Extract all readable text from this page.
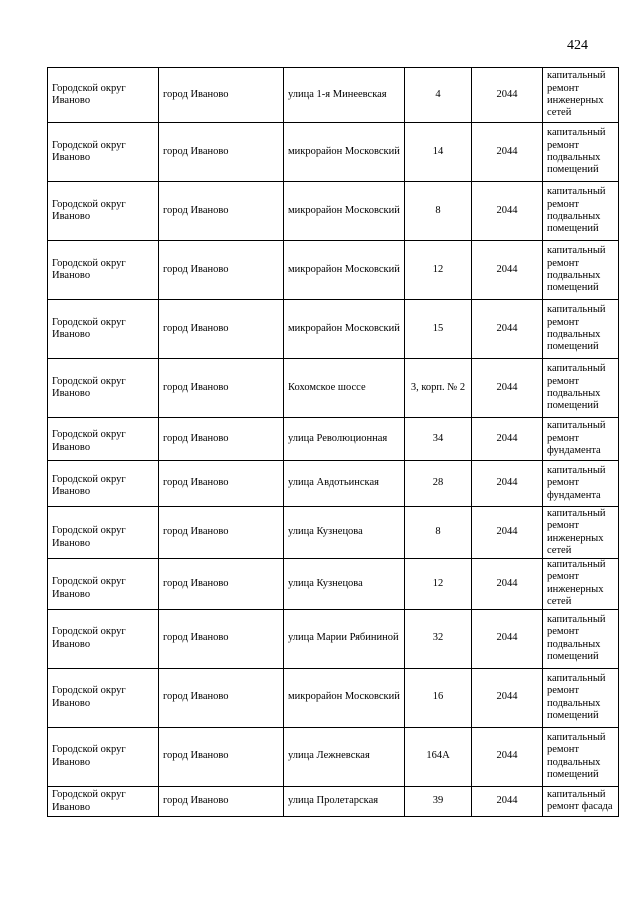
424
Городской округ Иваново	город Иваново	улица 1-я Минеевская	4	2044	капитальный ремонт инженерных сетей
Городской округ Иваново	город Иваново	микрорайон Московский	14	2044	капитальный ремонт подвальных помещений
Городской округ Иваново	город Иваново	микрорайон Московский	8	2044	капитальный ремонт подвальных помещений
Городской округ Иваново	город Иваново	микрорайон Московский	12	2044	капитальный ремонт подвальных помещений
Городской округ Иваново	город Иваново	микрорайон Московский	15	2044	капитальный ремонт подвальных помещений
Городской округ Иваново	город Иваново	Кохомское шоссе	3, корп. № 2	2044	капитальный ремонт подвальных помещений
Городской округ Иваново	город Иваново	улица Революционная	34	2044	капитальный ремонт фундамента
Городской округ Иваново	город Иваново	улица Авдотьинская	28	2044	капитальный ремонт фундамента
Городской округ Иваново	город Иваново	улица Кузнецова	8	2044	капитальный ремонт инженерных сетей
Городской округ Иваново	город Иваново	улица Кузнецова	12	2044	капитальный ремонт инженерных сетей
Городской округ Иваново	город Иваново	улица Марии Рябининой	32	2044	капитальный ремонт подвальных помещений
Городской округ Иваново	город Иваново	микрорайон Московский	16	2044	капитальный ремонт подвальных помещений
Городской округ Иваново	город Иваново	улица Лежневская	164А	2044	капитальный ремонт подвальных помещений
Городской округ Иваново	город Иваново	улица Пролетарская	39	2044	капитальный ремонт фасада
